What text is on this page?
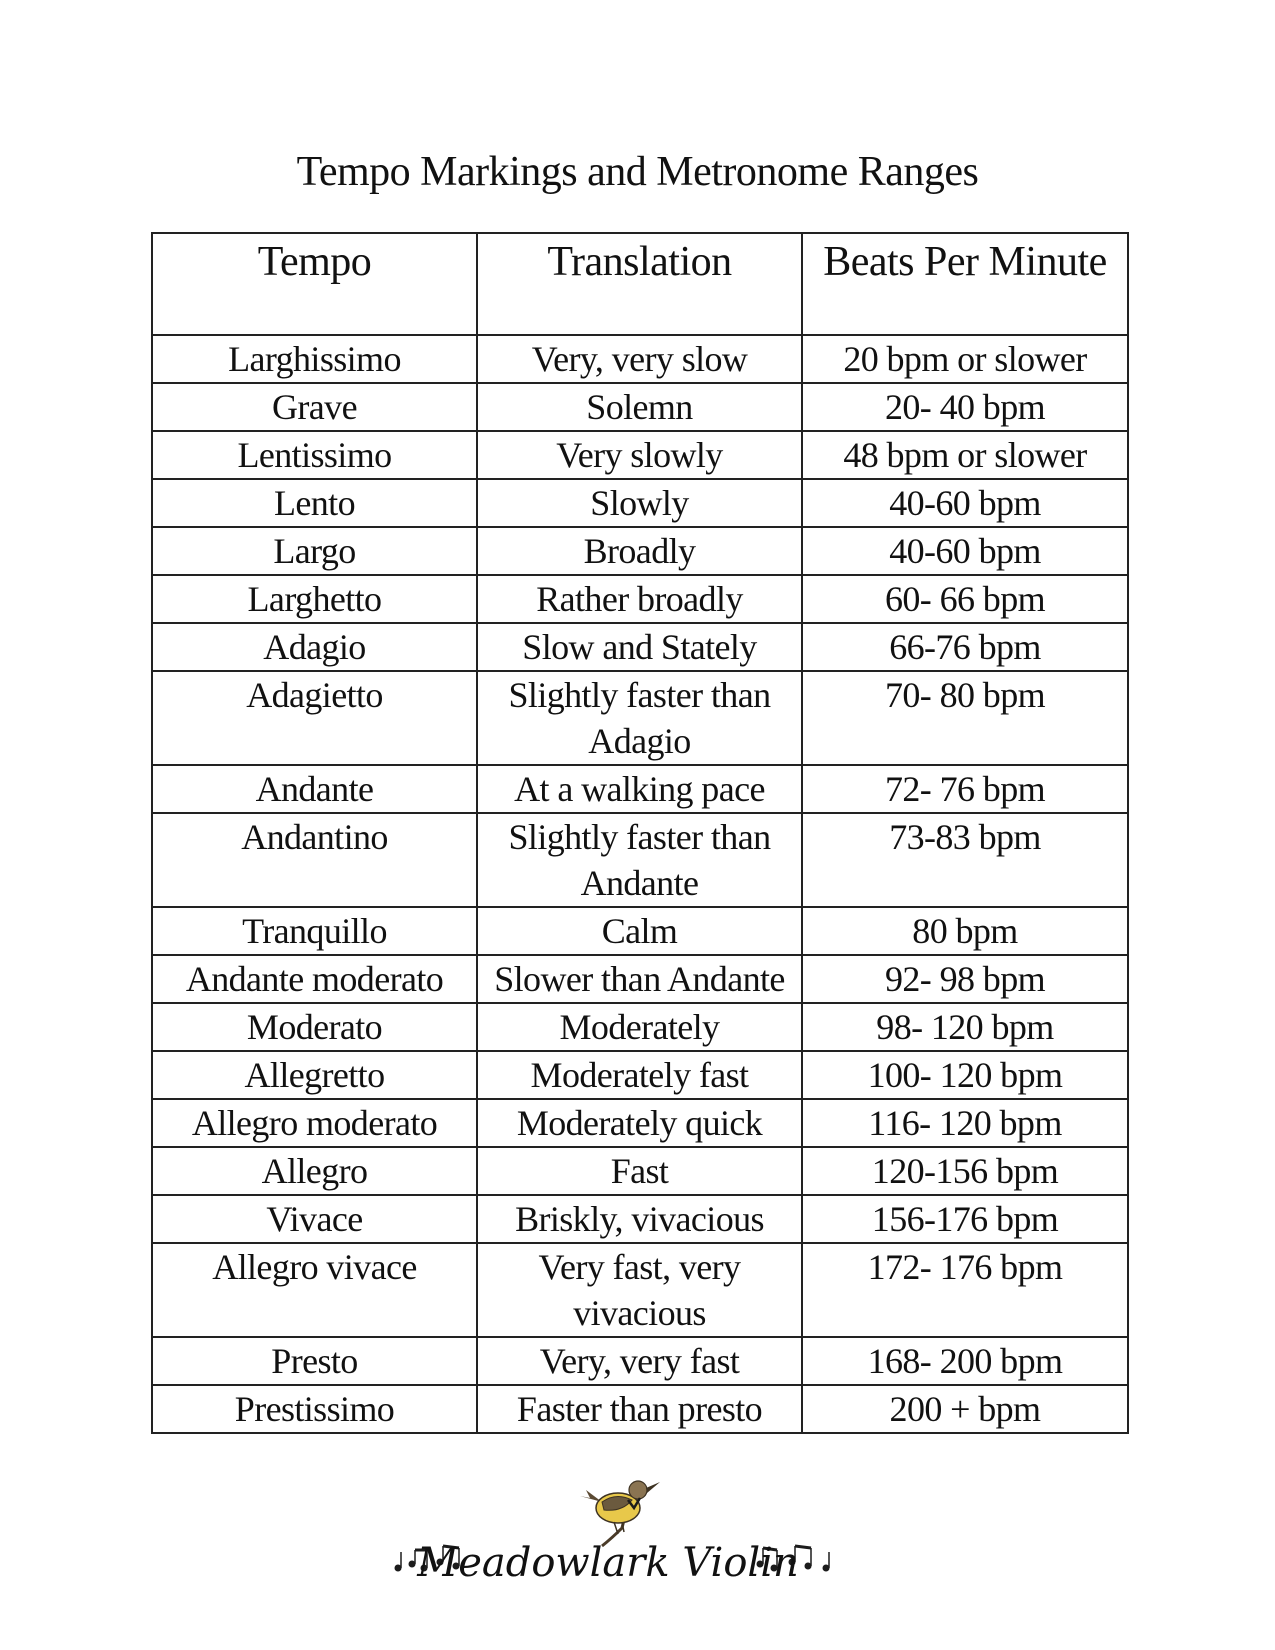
Tempo Markings and Metronome Ranges
Tempo	Translation	Beats Per Minute
Larghissimo	Very, very slow	20 bpm or slower
Grave	Solemn	20- 40 bpm
Lentissimo	Very slowly	48 bpm or slower
Lento	Slowly	40-60 bpm
Largo	Broadly	40-60 bpm
Larghetto	Rather broadly	60- 66 bpm
Adagio	Slow and Stately	66-76 bpm
Adagietto	Slightly faster than Adagio	70- 80 bpm
Andante	At a walking pace	72- 76 bpm
Andantino	Slightly faster than Andante	73-83 bpm
Tranquillo	Calm	80 bpm
Andante moderato	Slower than Andante	92- 98 bpm
Moderato	Moderately	98- 120 bpm
Allegretto	Moderately fast	100- 120 bpm
Allegro moderato	Moderately quick	116- 120 bpm
Allegro	Fast	120-156 bpm
Vivace	Briskly, vivacious	156-176 bpm
Allegro vivace	Very fast, very vivacious	172- 176 bpm
Presto	Very, very fast	168- 200 bpm
Prestissimo	Faster than presto	200 + bpm
Meadowlark Violin
